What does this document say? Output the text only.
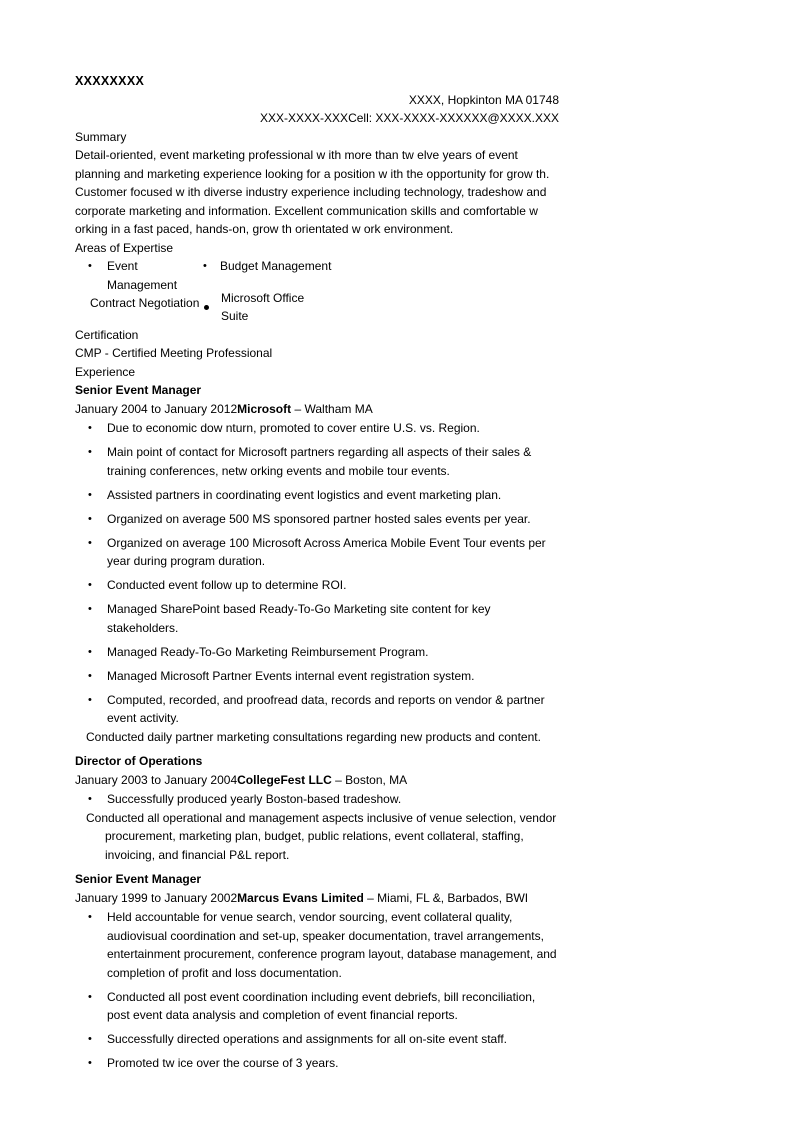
XXXXXXXX
XXXX, Hopkinton MA 01748
XXX-XXXX-XXXCell: XXX-XXXX-XXXXXX@XXXX.XXX
Summary

Detail-oriented, event marketing professional w ith more than tw elve years of event planning and marketing experience looking for a position w ith the opportunity for grow th. Customer focused w ith diverse industry experience including technology, tradeshow and corporate marketing and information. Excellent communication skills and comfortable w orking in a fast paced, hands-on, grow th orientated w ork environment.

Areas of Expertise
• Event Management
Contract Negotiation
• Budget Management
Microsoft Office Suite
Certification
CMP - Certified Meeting Professional
Experience
Senior Event Manager
January 2004 to January 2012Microsoft – Waltham MA
• Due to economic dow nturn, promoted to cover entire U.S. vs. Region.
• Main point of contact for Microsoft partners regarding all aspects of their sales & training conferences, netw orking events and mobile tour events.
• Assisted partners in coordinating event logistics and event marketing plan.
• Organized on average 500 MS sponsored partner hosted sales events per year.
• Organized on average 100 Microsoft Across America Mobile Event Tour events per year during program duration.
• Conducted event follow up to determine ROI.
• Managed SharePoint based Ready-To-Go Marketing site content for key stakeholders.
• Managed Ready-To-Go Marketing Reimbursement Program.
• Managed Microsoft Partner Events internal event registration system.
• Computed, recorded, and proofread data, records and reports on vendor & partner event activity.
Conducted daily partner marketing consultations regarding new products and content.
Director of Operations
January 2003 to January 2004CollegeFest LLC – Boston, MA
• Successfully produced yearly Boston-based tradeshow.
Conducted all operational and management aspects inclusive of venue selection, vendor procurement, marketing plan, budget, public relations, event collateral, staffing, invoicing, and financial P&L report.
Senior Event Manager
January 1999 to January 2002Marcus Evans Limited – Miami, FL &, Barbados, BWI
• Held accountable for venue search, vendor sourcing, event collateral quality, audiovisual coordination and set-up, speaker documentation, travel arrangements, entertainment procurement, conference program layout, database management, and completion of profit and loss documentation.
• Conducted all post event coordination including event debriefs, bill reconciliation, post event data analysis and completion of event financial reports.
• Successfully directed operations and assignments for all on-site event staff.
• Promoted tw ice over the course of 3 years.
